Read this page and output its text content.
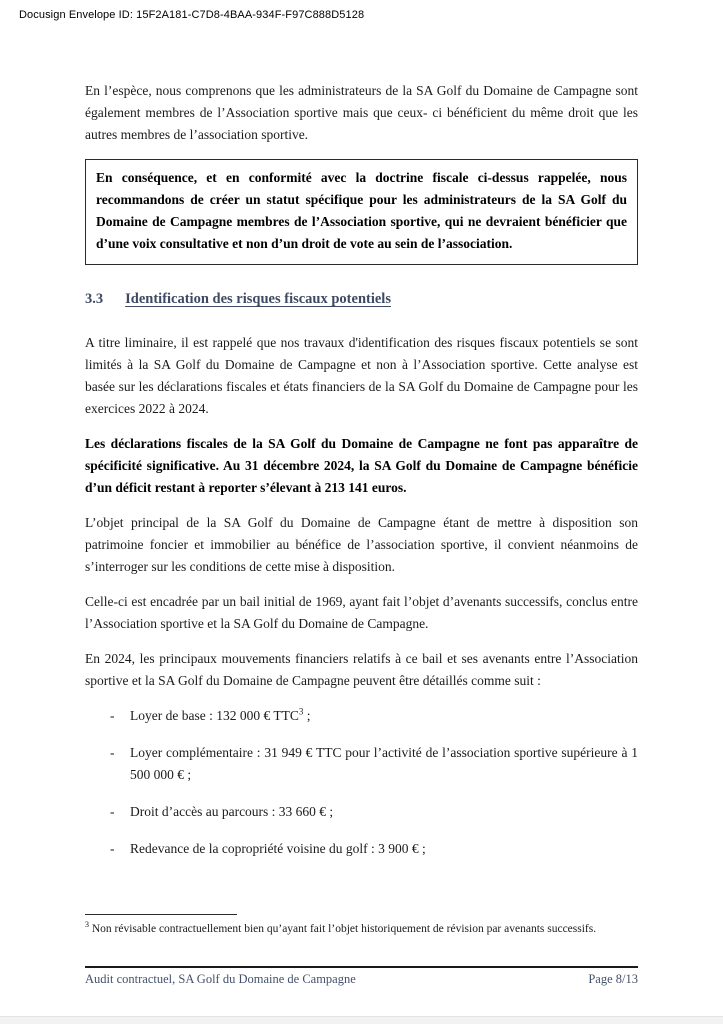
Docusign Envelope ID: 15F2A181-C7D8-4BAA-934F-F97C888D5128

En l’espèce, nous comprenons que les administrateurs de la SA Golf du Domaine de Campagne sont également membres de l’Association sportive mais que ceux- ci bénéficient du même droit que les autres membres de l’association sportive.

En conséquence, et en conformité avec la doctrine fiscale ci-dessus rappelée, nous recommandons de créer un statut spécifique pour les administrateurs de la SA Golf du Domaine de Campagne membres de l’Association sportive, qui ne devraient bénéficier que d’une voix consultative et non d’un droit de vote au sein de l’association.

3.3 Identification des risques fiscaux potentiels

A titre liminaire, il est rappelé que nos travaux d'identification des risques fiscaux potentiels se sont limités à la SA Golf du Domaine de Campagne et non à l’Association sportive. Cette analyse est basée sur les déclarations fiscales et états financiers de la SA Golf du Domaine de Campagne pour les exercices 2022 à 2024.

Les déclarations fiscales de la SA Golf du Domaine de Campagne ne font pas apparaître de spécificité significative. Au 31 décembre 2024, la SA Golf du Domaine de Campagne bénéficie d’un déficit restant à reporter s’élevant à 213 141 euros.

L’objet principal de la SA Golf du Domaine de Campagne étant de mettre à disposition son patrimoine foncier et immobilier au bénéfice de l’association sportive, il convient néanmoins de s’interroger sur les conditions de cette mise à disposition.

Celle-ci est encadrée par un bail initial de 1969, ayant fait l’objet d’avenants successifs, conclus entre l’Association sportive et la SA Golf du Domaine de Campagne.

En 2024, les principaux mouvements financiers relatifs à ce bail et ses avenants entre l’Association sportive et la SA Golf du Domaine de Campagne peuvent être détaillés comme suit :

-	Loyer de base : 132 000 € TTC$^3$ ;
-	Loyer complémentaire : 31 949 € TTC pour l’activité de l’association sportive supérieure à 1 500 000 € ;
-	Droit d’accès au parcours : 33 660 € ;
-	Redevance de la copropriété voisine du golf : 3 900 € ;
$^3$ Non révisable contractuellement bien qu’ayant fait l’objet historiquement de révision par avenants successifs.
Audit contractuel, SA Golf du Domaine de Campagne	Page 8/13
